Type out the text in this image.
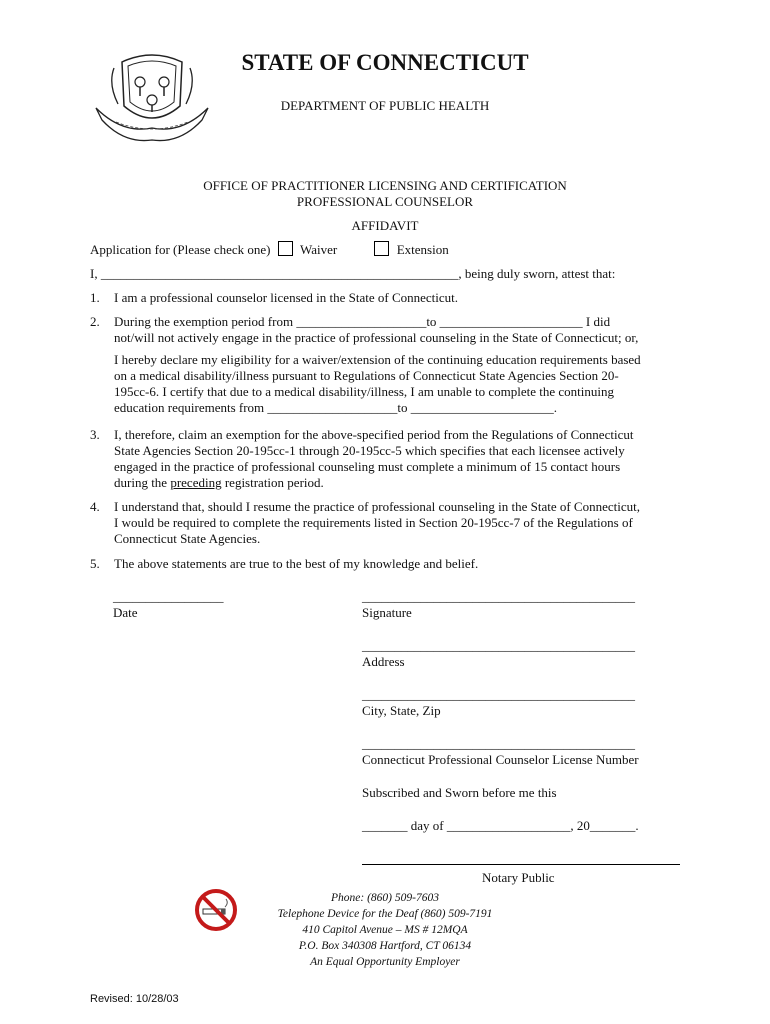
STATE OF CONNECTICUT
DEPARTMENT OF PUBLIC HEALTH
OFFICE OF PRACTITIONER LICENSING AND CERTIFICATION
PROFESSIONAL COUNSELOR
AFFIDAVIT
Application for (Please check one) Waiver	Extension
I, _______________________________________________________, being duly sworn, attest that:
1. I am a professional counselor licensed in the State of Connecticut.
2. During the exemption period from ____________________to ______________________ I did
not/will not actively engage in the practice of professional counseling in the State of Connecticut; or,
I hereby declare my eligibility for a waiver/extension of the continuing education requirements based
on a medical disability/illness pursuant to Regulations of Connecticut State Agencies Section 20-
195cc-6. I certify that due to a medical disability/illness, I am unable to complete the continuing
education requirements from ____________________to ______________________.
3. I, therefore, claim an exemption for the above-specified period from the Regulations of Connecticut
State Agencies Section 20-195cc-1 through 20-195cc-5 which specifies that each licensee actively
engaged in the practice of professional counseling must complete a minimum of 15 contact hours
during the preceding registration period.
4. I understand that, should I resume the practice of professional counseling in the State of Connecticut,
I would be required to complete the requirements listed in Section 20-195cc-7 of the Regulations of
Connecticut State Agencies.
5. The above statements are true to the best of my knowledge and belief.
_________________
Date
__________________________________________
Signature
__________________________________________
Address
__________________________________________
City, State, Zip
__________________________________________
Connecticut Professional Counselor License Number
Subscribed and Sworn before me this
_______ day of ___________________, 20_______.
Notary Public
Phone: (860) 509-7603
Telephone Device for the Deaf (860) 509-7191
410 Capitol Avenue – MS # 12MQA
P.O. Box 340308 Hartford, CT 06134
An Equal Opportunity Employer
Revised: 10/28/03
